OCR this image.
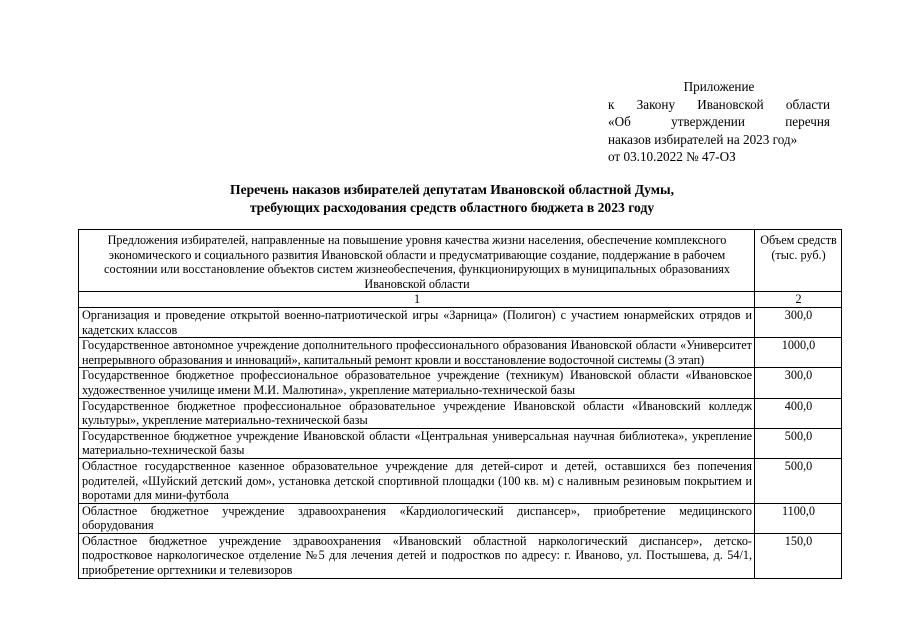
Приложение
к Закону Ивановской области
«Об утверждении перечня
наказов избирателей на 2023 год»
от 03.10.2022 № 47-ОЗ
Перечень наказов избирателей депутатам Ивановской областной Думы,
требующих расходования средств областного бюджета в 2023 году
Предложения избирателей, направленные на повышение уровня качества жизни населения, обеспечение комплексного экономического и социального развития Ивановской области и предусматривающие создание, поддержание в рабочем состоянии или восстановление объектов систем жизнеобеспечения, функционирующих в муниципальных образованиях Ивановской области	Объем средств (тыс. руб.)
1	2
Организация и проведение открытой военно-патриотической игры «Зарница» (Полигон) с участием юнармейских отрядов и кадетских классов	300,0
Государственное автономное учреждение дополнительного профессионального образования Ивановской области «Университет непрерывного образования и инноваций», капитальный ремонт кровли и восстановление водосточной системы (3 этап)	1000,0
Государственное бюджетное профессиональное образовательное учреждение (техникум) Ивановской области «Ивановское художественное училище имени М.И. Малютина», укрепление материально-технической базы	300,0
Государственное бюджетное профессиональное образовательное учреждение Ивановской области «Ивановский колледж культуры», укрепление материально-технической базы	400,0
Государственное бюджетное учреждение Ивановской области «Центральная универсальная научная библиотека», укрепление материально-технической базы	500,0
Областное государственное казенное образовательное учреждение для детей-сирот и детей, оставшихся без попечения родителей, «Шуйский детский дом», установка детской спортивной площадки (100 кв. м) с наливным резиновым покрытием и воротами для мини-футбола	500,0
Областное бюджетное учреждение здравоохранения «Кардиологический диспансер», приобретение медицинского оборудования	1100,0
Областное бюджетное учреждение здравоохранения «Ивановский областной наркологический диспансер», детско-подростковое наркологическое отделение №5 для лечения детей и подростков по адресу: г. Иваново, ул. Постышева, д. 54/1, приобретение оргтехники и телевизоров	150,0
